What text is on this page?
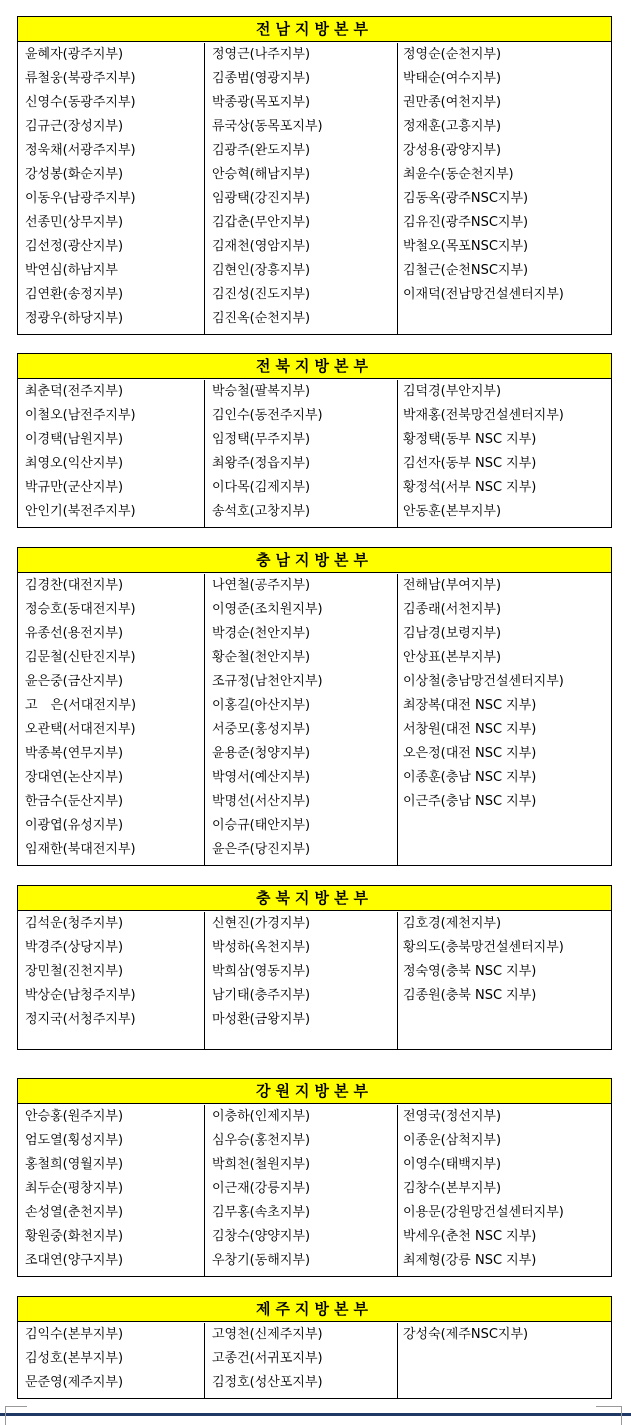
전남지방본부
윤혜자(광주지부)
류철웅(북광주지부)
신영수(동광주지부)
김규근(장성지부)
정욱채(서광주지부)
강성봉(화순지부)
이동우(남광주지부)
선종민(상무지부)
김선정(광산지부)
박연심(하남지부
김연환(송정지부)
정광우(하당지부)
정영근(나주지부)
김종범(영광지부)
박종광(목포지부)
류국상(동목포지부)
김광주(완도지부)
안승혁(해남지부)
임광택(강진지부)
김갑춘(무안지부)
김재천(영암지부)
김현인(장흥지부)
김진성(진도지부)
김진옥(순천지부)
정영순(순천지부)
박태순(여수지부)
권만종(여천지부)
정재훈(고흥지부)
강성용(광양지부)
최윤수(동순천지부)
김동옥(광주NSC지부)
김유진(광주NSC지부)
박철오(목포NSC지부)
김철근(순천NSC지부)
이재덕(전남망건설센터지부)
전북지방본부
최춘덕(전주지부)
이철오(남전주지부)
이경택(남원지부)
최영오(익산지부)
박규만(군산지부)
안인기(북전주지부)
박승철(팔복지부)
김인수(동전주지부)
임정택(무주지부)
최왕주(정읍지부)
이다목(김제지부)
송석호(고창지부)
김덕경(부안지부)
박재홍(전북망건설센터지부)
황정택(동부 NSC 지부)
김선자(동부 NSC 지부)
황정석(서부 NSC 지부)
안동훈(본부지부)
충남지방본부
김경찬(대전지부)
정승호(동대전지부)
유종선(용전지부)
김문철(신탄진지부)
윤은중(금산지부)
고　은(서대전지부)
오관택(서대전지부)
박종복(연무지부)
장대연(논산지부)
한금수(둔산지부)
이광엽(유성지부)
임재한(북대전지부)
나연철(공주지부)
이영준(조치원지부)
박경순(천안지부)
황순철(천안지부)
조규정(남천안지부)
이홍길(아산지부)
서중모(홍성지부)
윤용준(청양지부)
박영서(예산지부)
박명선(서산지부)
이승규(태안지부)
윤은주(당진지부)
전해남(부여지부)
김종래(서천지부)
김남경(보령지부)
안상표(본부지부)
이상철(충남망건설센터지부)
최장복(대전 NSC 지부)
서창원(대전 NSC 지부)
오은정(대전 NSC 지부)
이종훈(충남 NSC 지부)
이근주(충남 NSC 지부)
충북지방본부
김석운(청주지부)
박경주(상당지부)
장민철(진천지부)
박상순(남청주지부)
정지국(서청주지부)
신현진(가경지부)
박성하(옥천지부)
박희삼(영동지부)
남기태(충주지부)
마성환(금왕지부)
김호경(제천지부)
황의도(충북망건설센터지부)
정숙영(충북 NSC 지부)
김종원(충북 NSC 지부)
강원지방본부
안승홍(원주지부)
엄도열(횡성지부)
홍철희(영월지부)
최두순(평창지부)
손성열(춘천지부)
황원중(화천지부)
조대연(양구지부)
이충하(인제지부)
심우승(홍천지부)
박희천(철원지부)
이근재(강릉지부)
김무홍(속초지부)
김창수(양양지부)
우창기(동해지부)
전영국(정선지부)
이종운(삼척지부)
이영수(태백지부)
김창수(본부지부)
이용문(강원망건설센터지부)
박세우(춘천 NSC 지부)
최제형(강릉 NSC 지부)
제주지방본부
김익수(본부지부)
김성호(본부지부)
문준영(제주지부)
고영천(신제주지부)
고종건(서귀포지부)
김정호(성산포지부)
강성숙(제주NSC지부)
